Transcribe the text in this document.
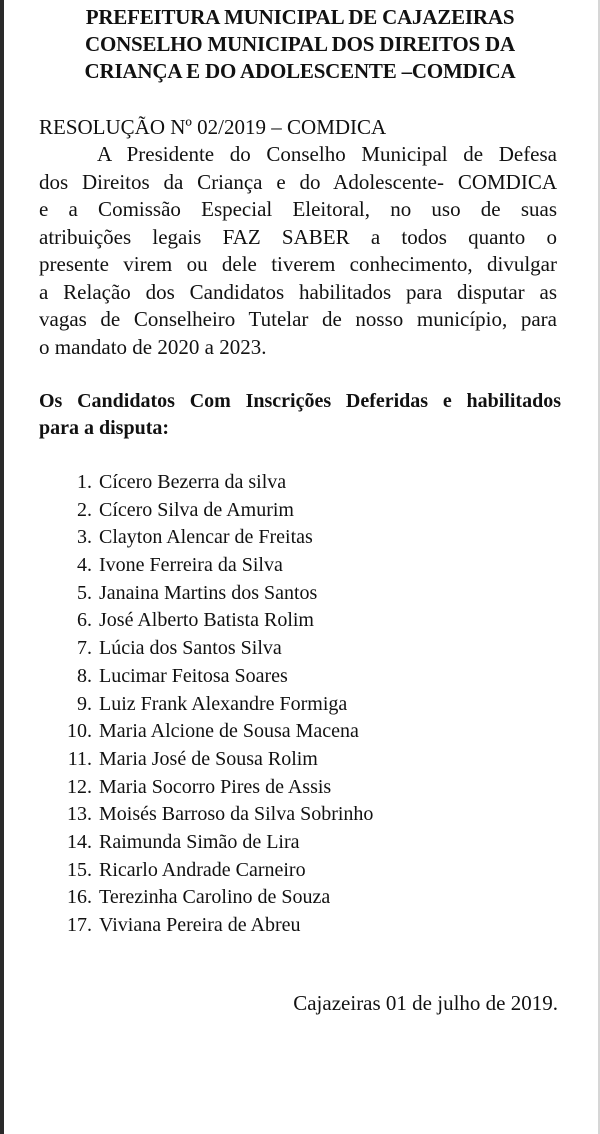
PREFEITURA MUNICIPAL DE CAJAZEIRAS
CONSELHO MUNICIPAL DOS DIREITOS DA
CRIANÇA E DO ADOLESCENTE –COMDICA
RESOLUÇÃO Nº 02/2019 – COMDICA
A Presidente do Conselho Municipal de Defesa
dos Direitos da Criança e do Adolescente- COMDICA
e a Comissão Especial Eleitoral, no uso de suas
atribuições legais FAZ SABER a todos quanto o
presente virem ou dele tiverem conhecimento, divulgar
a Relação dos Candidatos habilitados para disputar as
vagas de Conselheiro Tutelar de nosso município, para
o mandato de 2020 a 2023.
Os Candidatos Com Inscrições Deferidas e habilitados
para a disputa:
1. Cícero Bezerra da silva
2. Cícero Silva de Amurim
3. Clayton Alencar de Freitas
4. Ivone Ferreira da Silva
5. Janaina Martins dos Santos
6. José Alberto Batista Rolim
7. Lúcia dos Santos Silva
8. Lucimar Feitosa Soares
9. Luiz Frank Alexandre Formiga
10. Maria Alcione de Sousa Macena
11. Maria José de Sousa Rolim
12. Maria Socorro Pires de Assis
13. Moisés Barroso da Silva Sobrinho
14. Raimunda Simão de Lira
15. Ricarlo Andrade Carneiro
16. Terezinha Carolino de Souza
17. Viviana Pereira de Abreu
Cajazeiras 01 de julho de 2019.
